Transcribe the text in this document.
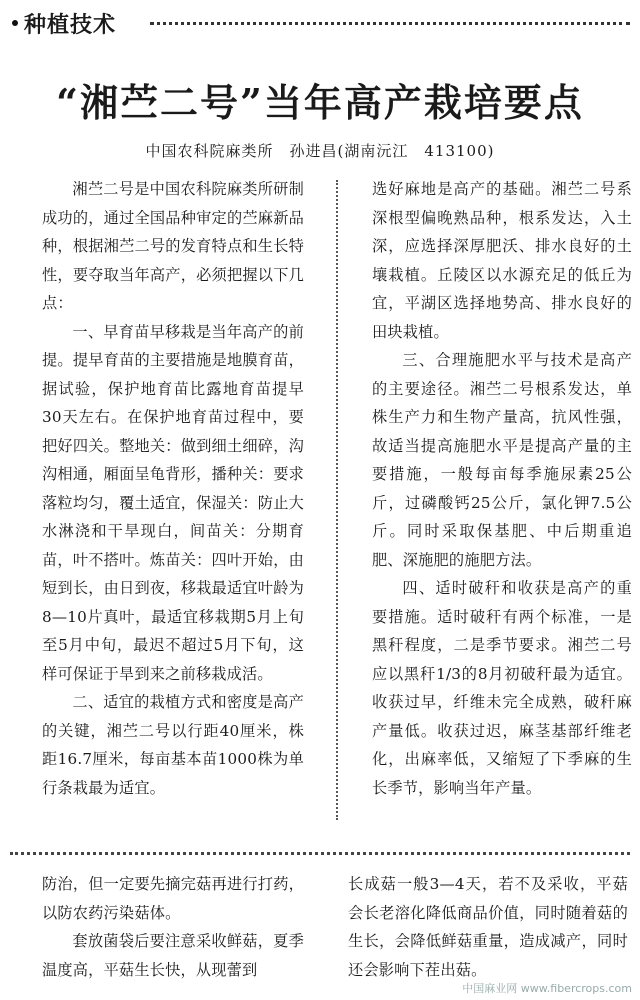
种植技术
“湘苎二号”当年高产栽培要点
中国农科院麻类所　孙进昌(湖南沅江　413100)

湘苎二号是中国农科院麻类所研制成功的，通过全国品种审定的苎麻新品种，根据湘苎二号的发育特点和生长特性，要夺取当年高产，必须把握以下几点：

一、早育苗早移栽是当年高产的前提。提早育苗的主要措施是地膜育苗，据试验，保护地育苗比露地育苗提早30天左右。在保护地育苗过程中，要把好四关。整地关：做到细土细碎，沟沟相通，厢面呈龟背形，播种关：要求落粒均匀，覆土适宜，保湿关：防止大水淋浇和干旱现白，间苗关：分期育苗，叶不搭叶。炼苗关：四叶开始，由短到长，由日到夜，移栽最适宜叶龄为8—10片真叶，最适宜移栽期5月上旬至5月中旬，最迟不超过5月下旬，这样可保证于旱到来之前移栽成活。

二、适宜的栽植方式和密度是高产的关键，湘苎二号以行距40厘米，株距16.7厘米，每亩基本苗1000株为单行条栽最为适宜。

选好麻地是高产的基础。湘苎二号系深根型偏晚熟品种，根系发达，入土深，应选择深厚肥沃、排水良好的土壤栽植。丘陵区以水源充足的低丘为宜，平湖区选择地势高、排水良好的田块栽植。

三、合理施肥水平与技术是高产的主要途径。湘苎二号根系发达，单株生产力和生物产量高，抗风性强，故适当提高施肥水平是提高产量的主要措施，一般每亩每季施尿素25公斤，过磷酸钙25公斤，氯化钾7.5公斤。同时采取保基肥、中后期重追肥、深施肥的施肥方法。

四、适时破秆和收获是高产的重要措施。适时破秆有两个标准，一是黑秆程度，二是季节要求。湘苎二号应以黑秆1/3的8月初破秆最为适宜。收获过早，纤维未完全成熟，破秆麻产量低。收获过迟，麻茎基部纤维老化，出麻率低，又缩短了下季麻的生长季节，影响当年产量。

防治，但一定要先摘完菇再进行打药，以防农药污染菇体。

套放菌袋后要注意采收鲜菇，夏季温度高，平菇生长快，从现蕾到

长成菇一般3—4天，若不及采收，平菇会长老溶化降低商品价值，同时随着菇的生长，会降低鲜菇重量，造成减产，同时还会影响下茬出菇。

中国麻业网 www.fibercrops.com
